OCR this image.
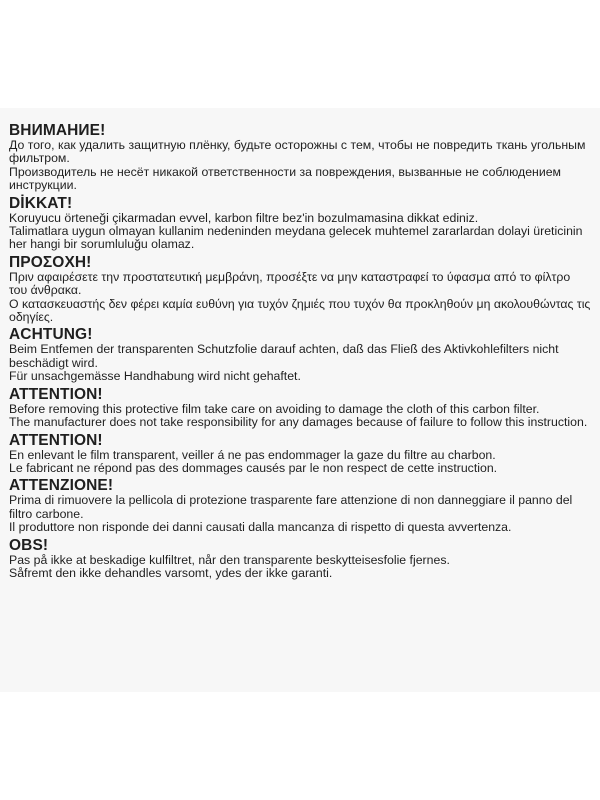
ВНИМАНИЕ!

До того, как удалить защитную плёнку, будьте осторожны с тем, чтобы не повредить ткань угольным фильтром.

Производитель не несёт никакой ответственности за повреждения, вызванные не соблюдением инструкции.

DİKKAT!

Koruyucu örteneği çikarmadan evvel, karbon filtre bez'in bozulmamasina dikkat ediniz.

Talimatlara uygun olmayan kullanim nedeninden meydana gelecek muhtemel zararlardan dolayi üreticinin her hangi bir sorumluluğu olamaz.

ΠΡΟΣΟΧΗ!

Πριν αφαιρέσετε την προστατευτική μεμβράνη, προσέξτε να μην καταστραφεί το ύφασμα από το φίλτρο του άνθρακα.

Ο κατασκευαστής δεν φέρει καμία ευθύνη για τυχόν ζημιές που τυχόν θα προκληθούν μη ακολουθώντας τις οδηγίες.

ACHTUNG!

Beim Entfemen der transparenten Schutzfolie darauf achten, daß das Fließ des Aktivkohlefilters nicht beschädigt wird.

Für unsachgemässe Handhabung wird nicht gehaftet.

ATTENTION!

Before removing this protective film take care on avoiding to damage the cloth of this carbon filter.

The manufacturer does not take responsibility for any damages because of failure to follow this instruction.

ATTENTION!

En enlevant le film transparent, veiller á ne pas endommager la gaze du filtre au charbon.

Le fabricant ne répond pas des dommages causés par le non respect de cette instruction.

ATTENZIONE!

Prima di rimuovere la pellicola di protezione trasparente fare attenzione di non danneggiare il panno del filtro carbone.

Il produttore non risponde dei danni causati dalla mancanza di rispetto di questa avvertenza.

OBS!

Pas på ikke at beskadige kulfiltret, når den transparente beskytteisesfolie fjernes.

Såfremt den ikke dehandles varsomt, ydes der ikke garanti.
